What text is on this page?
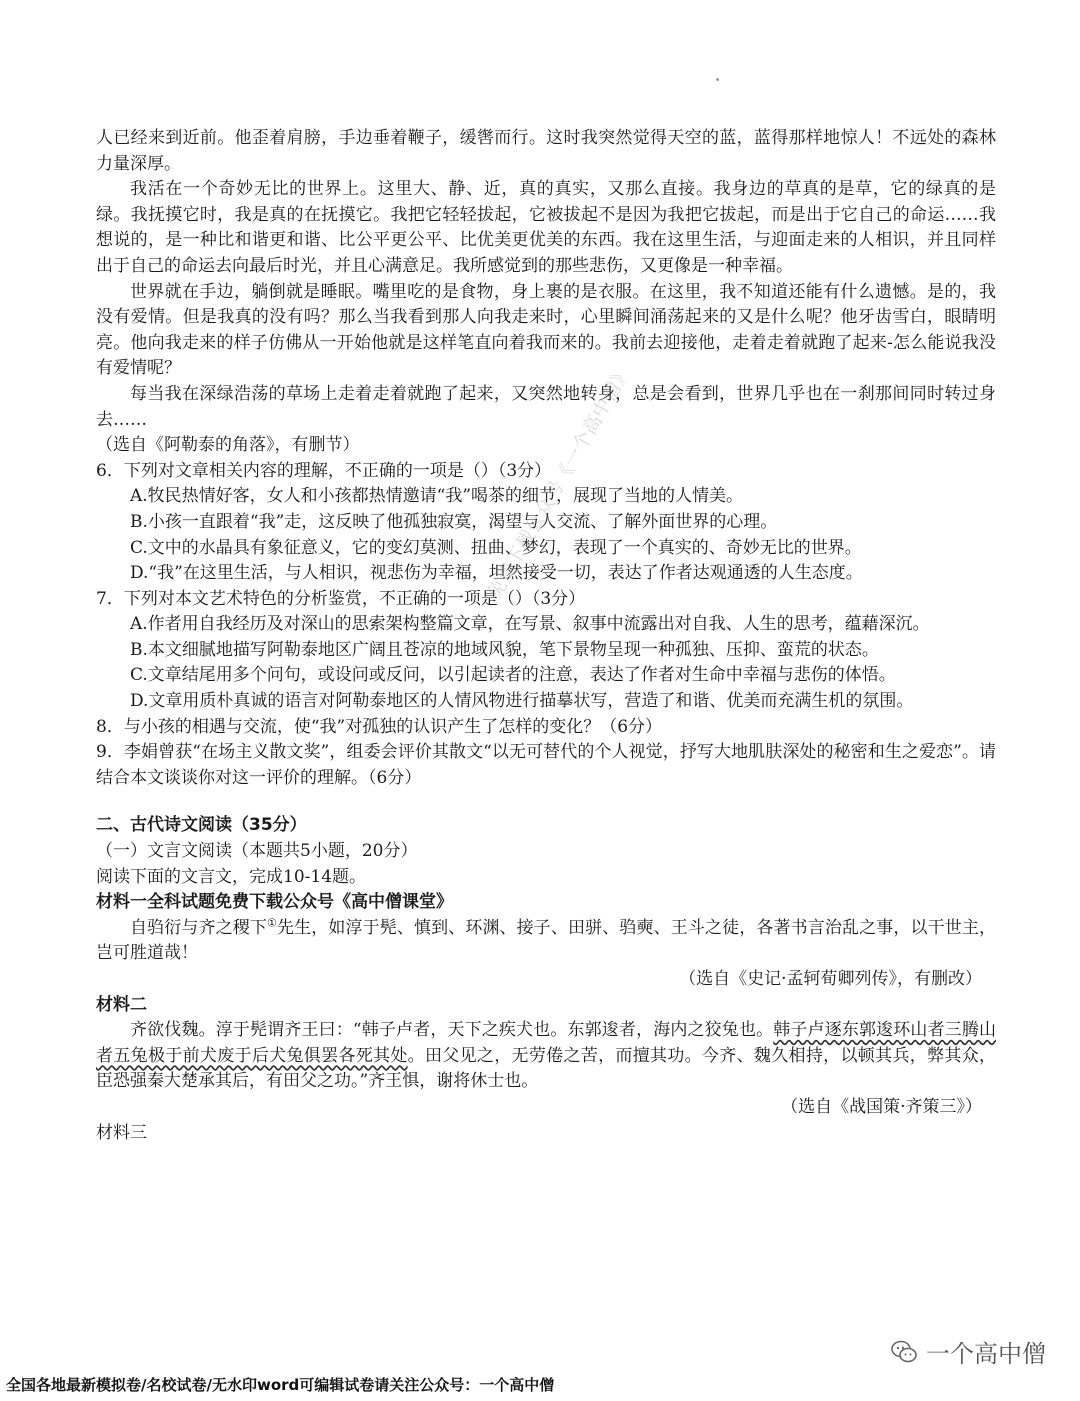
人已经来到近前。他歪着肩膀，手边垂着鞭子，缓辔而行。这时我突然觉得天空的蓝，蓝得那样地惊人！不远处的森林力量深厚。

我活在一个奇妙无比的世界上。这里大、静、近，真的真实，又那么直接。我身边的草真的是草，它的绿真的是绿。我抚摸它时，我是真的在抚摸它。我把它轻轻拔起，它被拔起不是因为我把它拔起，而是出于它自己的命运……我想说的，是一种比和谐更和谐、比公平更公平、比优美更优美的东西。我在这里生活，与迎面走来的人相识，并且同样出于自己的命运去向最后时光，并且心满意足。我所感觉到的那些悲伤，又更像是一种幸福。

世界就在手边，躺倒就是睡眠。嘴里吃的是食物，身上裹的是衣服。在这里，我不知道还能有什么遗憾。是的，我没有爱情。但是我真的没有吗？那么当我看到那人向我走来时，心里瞬间涌荡起来的又是什么呢？他牙齿雪白，眼睛明亮。他向我走来的样子仿佛从一开始他就是这样笔直向着我而来的。我前去迎接他，走着走着就跑了起来-怎么能说我没有爱情呢？

每当我在深绿浩荡的草场上走着走着就跑了起来，又突然地转身，总是会看到，世界几乎也在一刹那间同时转过身去……

（选自《阿勒泰的角落》，有删节）

6．下列对文章相关内容的理解，不正确的一项是（）（3分）

A.牧民热情好客，女人和小孩都热情邀请“我”喝茶的细节，展现了当地的人情美。

B.小孩一直跟着“我”走，这反映了他孤独寂寞，渴望与人交流、了解外面世界的心理。

C.文中的水晶具有象征意义，它的变幻莫测、扭曲、梦幻，表现了一个真实的、奇妙无比的世界。

D.“我”在这里生活，与人相识，视悲伤为幸福，坦然接受一切，表达了作者达观通透的人生态度。

7．下列对本文艺术特色的分析鉴赏，不正确的一项是（）（3分）

A.作者用自我经历及对深山的思索架构整篇文章，在写景、叙事中流露出对自我、人生的思考，蕴藉深沉。

B.本文细腻地描写阿勒泰地区广阔且苍凉的地域风貌，笔下景物呈现一种孤独、压抑、蛮荒的状态。

C.文章结尾用多个问句，或设问或反问，以引起读者的注意，表达了作者对生命中幸福与悲伤的体悟。

D.文章用质朴真诚的语言对阿勒泰地区的人情风物进行描摹状写，营造了和谐、优美而充满生机的氛围。

8．与小孩的相遇与交流，使“我”对孤独的认识产生了怎样的变化？（6分）

9．李娟曾获“在场主义散文奖”，组委会评价其散文“以无可替代的个人视觉，抒写大地肌肤深处的秘密和生之爱恋”。请结合本文谈谈你对这一评价的理解。（6分）

二、古代诗文阅读（35分）

（一）文言文阅读（本题共5小题，20分）

阅读下面的文言文，完成10-14题。

材料一全科试题免费下载公众号《高中僧课堂》

自驺衍与齐之稷下①先生，如淳于髡、慎到、环渊、接子、田骈、驺奭、王斗之徒，各著书言治乱之事，以干世主，岂可胜道哉！

（选自《史记·孟轲荀卿列传》，有删改）

材料二

齐欲伐魏。淳于髡谓齐王曰：“韩子卢者，天下之疾犬也。东郭逡者，海内之狡兔也。韩子卢逐东郭逡环山者三腾山者五兔极于前犬废于后犬兔俱罢各死其处。田父见之，无劳倦之苦，而擅其功。今齐、魏久相持，以顿其兵，弊其众，臣恐强秦大楚承其后，有田父之功。”齐王惧，谢将休士也。

（选自《战国策·齐策三》）

材料三

免费下载公众号《一个高中僧》
一个高中僧
全国各地最新模拟卷/名校试卷/无水印word可编辑试卷请关注公众号：一个高中僧
